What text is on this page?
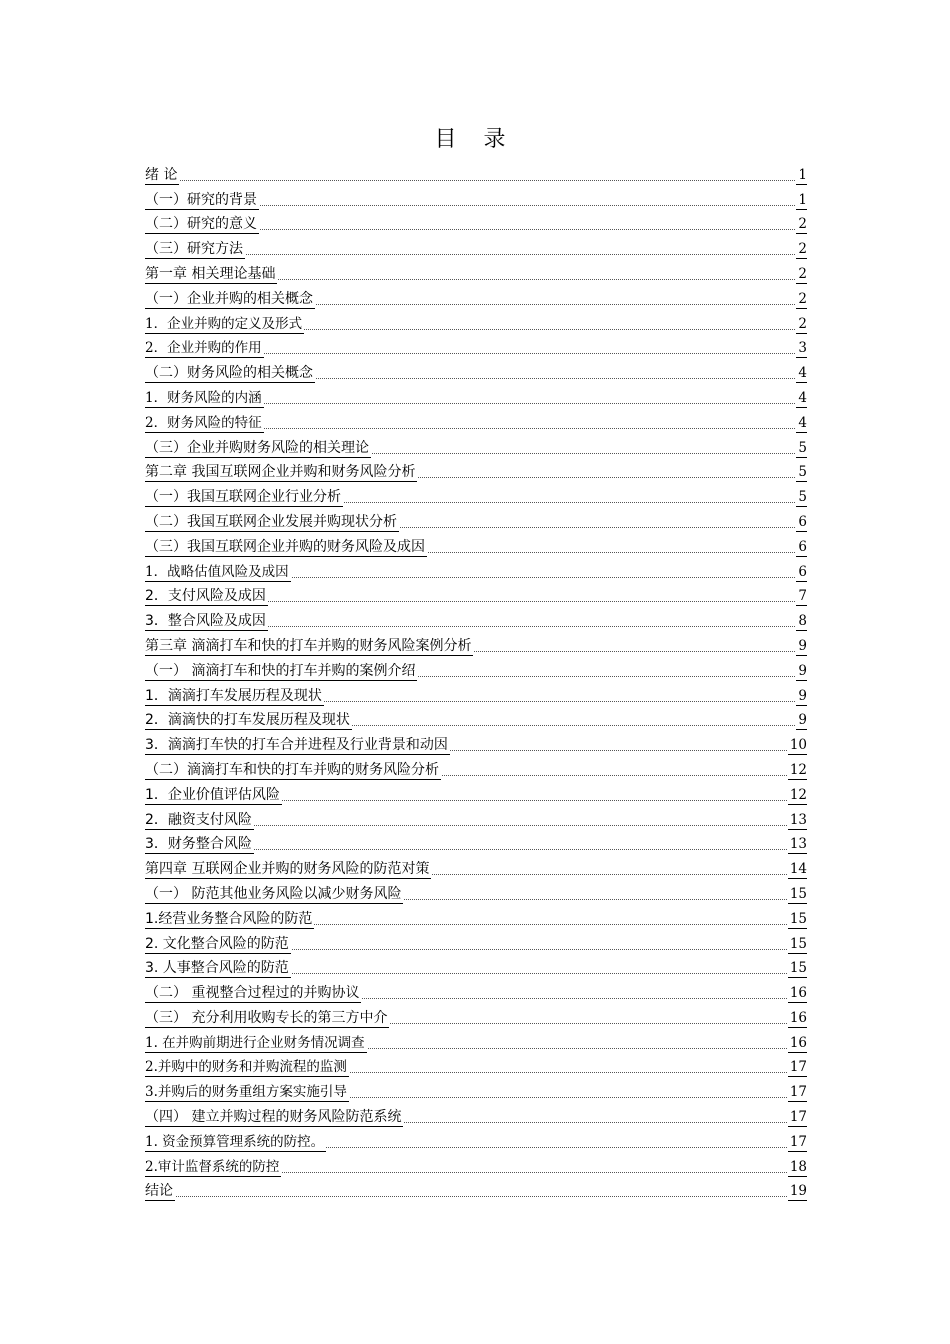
目 录
绪 论	1
（一）研究的背景	1
（二）研究的意义	2
（三）研究方法	2
第一章 相关理论基础	2
（一）企业并购的相关概念	2
1．企业并购的定义及形式	2
2．企业并购的作用	3
（二）财务风险的相关概念	4
1．财务风险的内涵	4
2．财务风险的特征	4
（三）企业并购财务风险的相关理论	5
第二章 我国互联网企业并购和财务风险分析	5
（一）我国互联网企业行业分析	5
（二）我国互联网企业发展并购现状分析	6
（三）我国互联网企业并购的财务风险及成因	6
1．战略估值风险及成因	6
2．支付风险及成因	7
3．整合风险及成因	8
第三章 滴滴打车和快的打车并购的财务风险案例分析	9
（一） 滴滴打车和快的打车并购的案例介绍	9
1．滴滴打车发展历程及现状	9
2．滴滴快的打车发展历程及现状	9
3．滴滴打车快的打车合并进程及行业背景和动因	10
（二）滴滴打车和快的打车并购的财务风险分析	12
1．企业价值评估风险	12
2．融资支付风险	13
3．财务整合风险	13
第四章 互联网企业并购的财务风险的防范对策	14
（一） 防范其他业务风险以减少财务风险	15
1.经营业务整合风险的防范	15
2. 文化整合风险的防范	15
3. 人事整合风险的防范	15
（二） 重视整合过程过的并购协议	16
（三） 充分利用收购专长的第三方中介	16
1. 在并购前期进行企业财务情况调查	16
2.并购中的财务和并购流程的监测	17
3.并购后的财务重组方案实施引导	17
（四） 建立并购过程的财务风险防范系统	17
1. 资金预算管理系统的防控。	17
2.审计监督系统的防控	18
结论	19
